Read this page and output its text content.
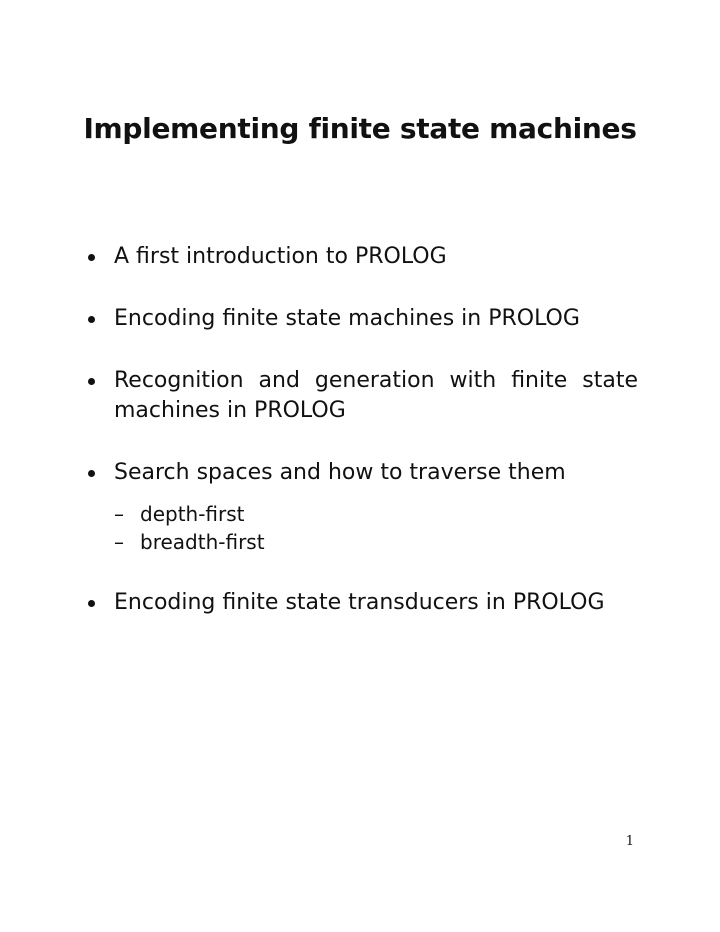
Implementing finite state machines
A first introduction to PROLOG
Encoding finite state machines in PROLOG
Recognition and generation with finite state machines in PROLOG
Search spaces and how to traverse them
– depth-first
– breadth-first
Encoding finite state transducers in PROLOG
1
